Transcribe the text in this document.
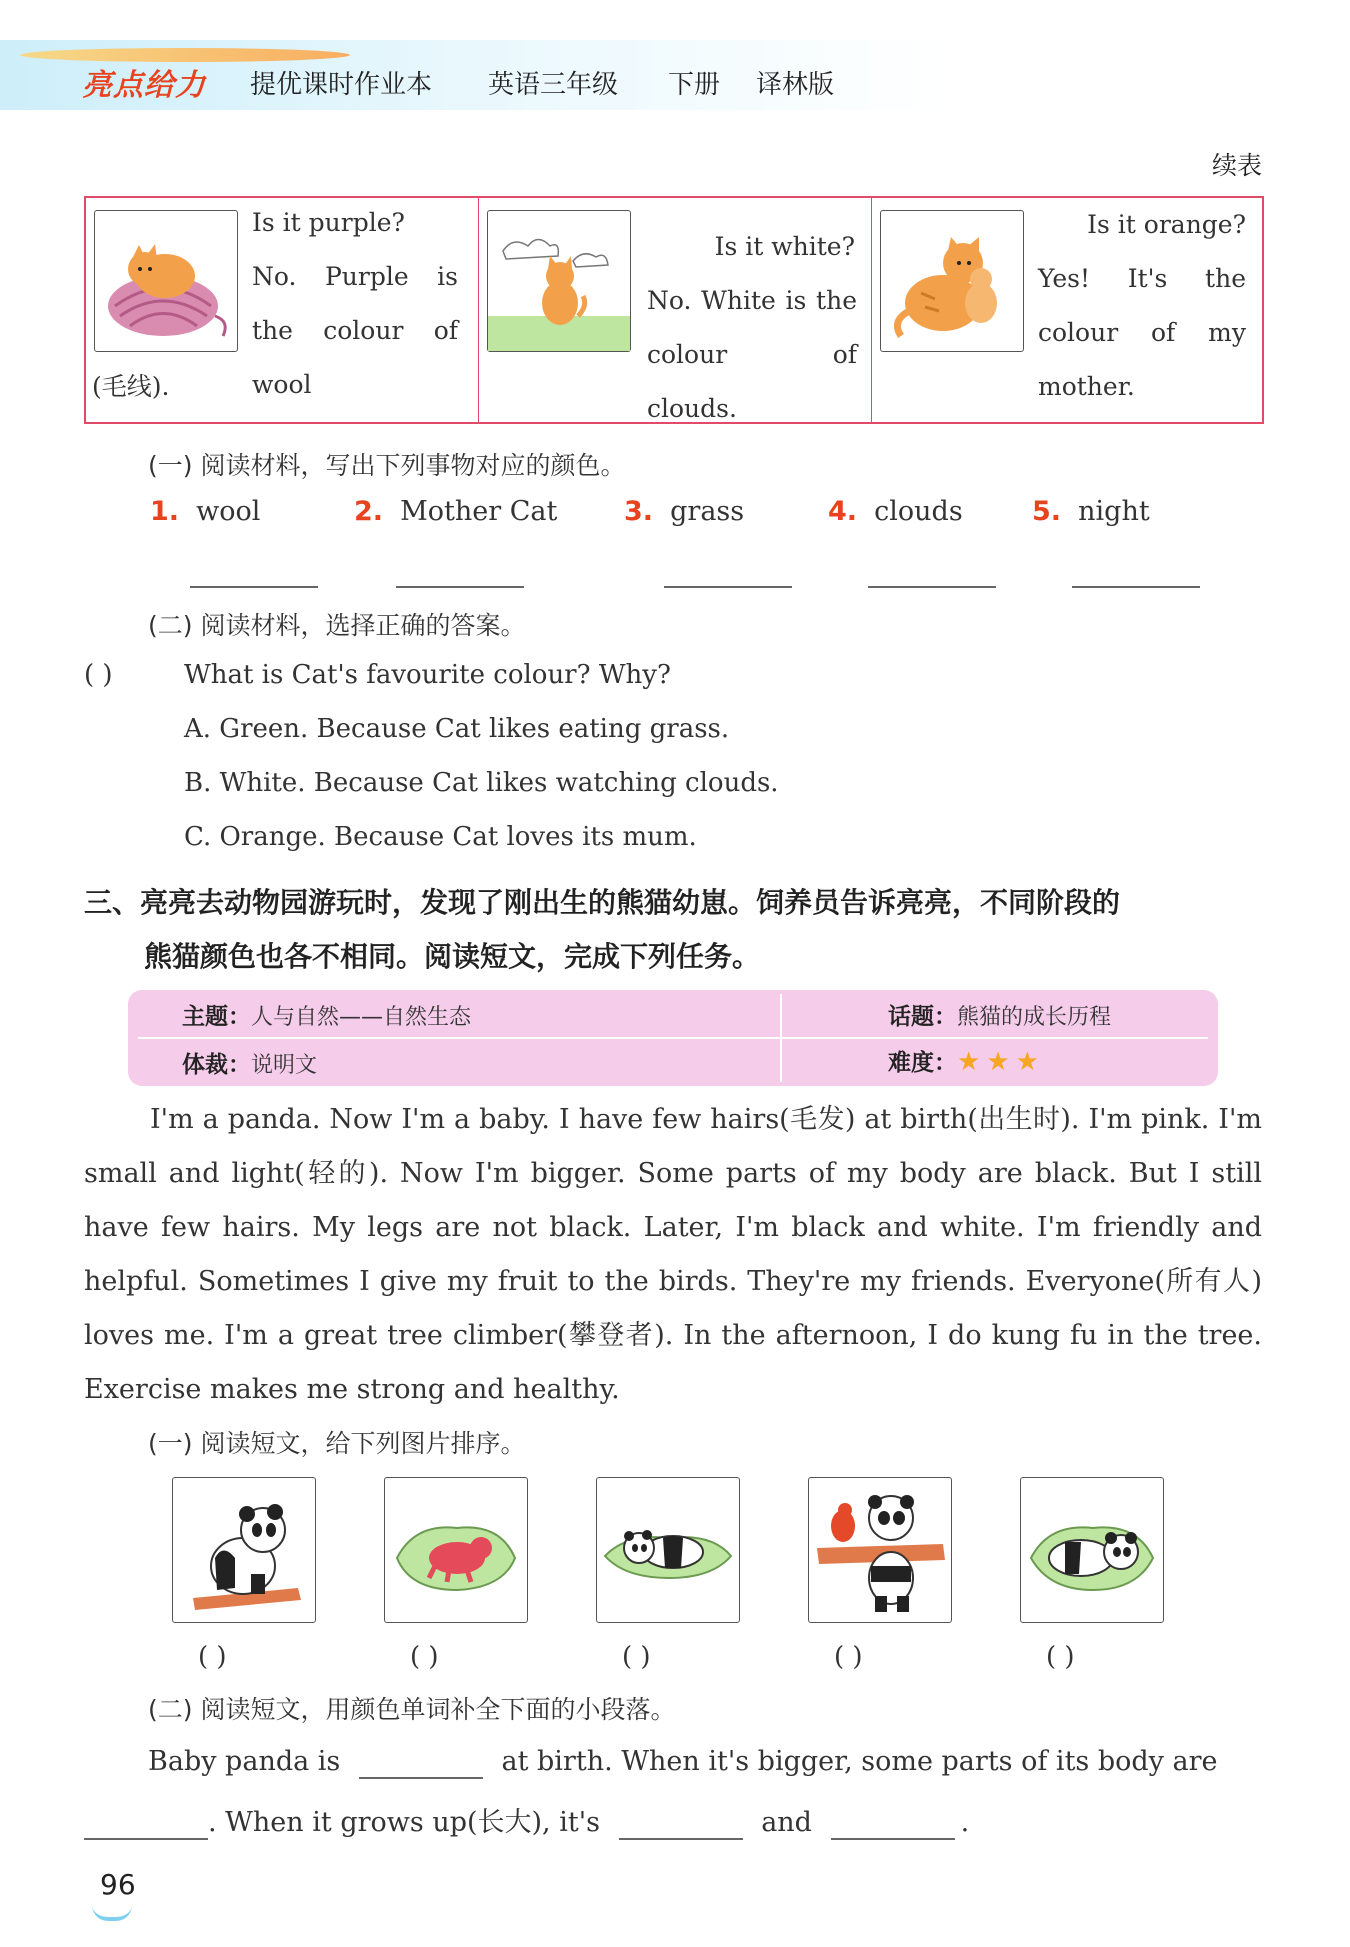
亮点给力 提优课时作业本 英语三年级 下册 译林版
续表
Is it purple?
No. Purple is the colour of wool
(毛线).
Is it white?
No. White is the colour of clouds.
Is it orange?
Yes! It's the colour of my mother.
(一) 阅读材料，写出下列事物对应的颜色。
1. wool	2. Mother Cat 3. grass	4. clouds	5. night
(二) 阅读材料，选择正确的答案。
( )	What is Cat's favourite colour? Why?
A. Green. Because Cat likes eating grass.
B. White. Because Cat likes watching clouds.
C. Orange. Because Cat loves its mum.
三、亮亮去动物园游玩时，发现了刚出生的熊猫幼崽。饲养员告诉亮亮，不同阶段的
熊猫颜色也各不相同。阅读短文，完成下列任务。
主题：人与自然——自然生态	话题：熊猫的成长历程
体裁：说明文	难度：★ ★ ★
I'm a panda. Now I'm a baby. I have few hairs(毛发) at birth(出生时). I'm pink. I'm small and light(轻的). Now I'm bigger. Some parts of my body are black. But I still have few hairs. My legs are not black. Later, I'm black and white. I'm friendly and helpful. Sometimes I give my fruit to the birds. They're my friends. Everyone(所有人) loves me. I'm a great tree climber(攀登者). In the afternoon, I do kung fu in the tree. Exercise makes me strong and healthy.
(一) 阅读短文，给下列图片排序。
( )	( )	( )	( )	( )
(二) 阅读短文，用颜色单词补全下面的小段落。
Baby panda is	at birth. When it's bigger, some parts of its body are
. When it grows up(长大), it's	and	.
96
